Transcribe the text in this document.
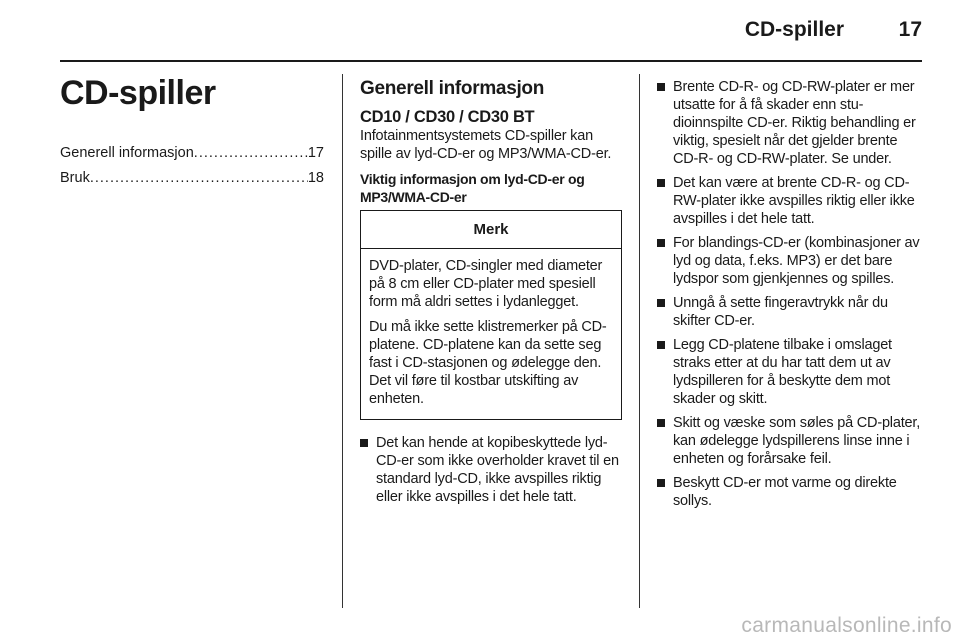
CD-spiller	17
CD-spiller
Generell informasjon .....	17
Bruk .....	18
Generell informasjon
CD10 / CD30 / CD30 BT

Infotainmentsystemets CD-spiller kan spille av lyd-CD-er og MP3/WMA-CD-er.

Viktig informasjon om lyd-CD-er og MP3/WMA-CD-er
Merk

DVD-plater, CD-singler med diameter på 8 cm eller CD-plater med spesiell form må aldri settes i lydanlegget.

Du må ikke sette klistremerker på CD-platene. CD-platene kan da sette seg fast i CD-stasjonen og ødelegge den. Det vil føre til kostbar utskifting av enheten.

Det kan hende at kopibeskyttede lyd-CD-er som ikke overholder kravet til en standard lyd-CD, ikke avspilles riktig eller ikke avspilles i det hele tatt.
Brente CD-R- og CD-RW-plater er mer utsatte for å få skader enn studioinnspilte CD-er. Riktig behandling er viktig, spesielt når det gjelder brente CD-R- og CD-RW-plater. Se under.
Det kan være at brente CD-R- og CD-RW-plater ikke avspilles riktig eller ikke avspilles i det hele tatt.
For blandings-CD-er (kombinasjoner av lyd og data, f.eks. MP3) er det bare lydspor som gjenkjennes og spilles.
Unngå å sette fingeravtrykk når du skifter CD-er.
Legg CD-platene tilbake i omslaget straks etter at du har tatt dem ut av lydspilleren for å beskytte dem mot skader og skitt.
Skitt og væske som søles på CD-plater, kan ødelegge lydspillerens linse inne i enheten og forårsake feil.
Beskytt CD-er mot varme og direkte sollys.
carmanualsonline.info
